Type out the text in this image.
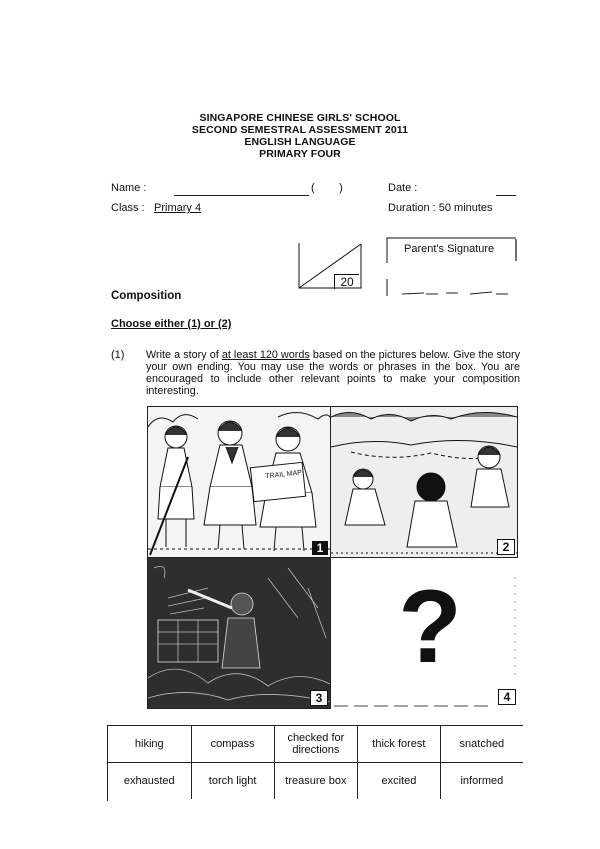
SINGAPORE CHINESE GIRLS' SCHOOL
SECOND SEMESTRAL ASSESSMENT 2011
ENGLISH LANGUAGE
PRIMARY FOUR
Name :	(        )	Date :
Class : Primary 4	Duration : 50 minutes
20
Parent's Signature
Composition
Choose either (1) or (2)
(1) Write a story of at least 120 words based on the pictures below. Give the story your own ending. You may use the words or phrases in the box. You are encouraged to include other relevant points to make your composition interesting.
TRAIL MAP
1	2
3
?
4
hiking	compass	checked for directions	thick forest	snatched
exhausted	torch light	treasure box	excited	informed
